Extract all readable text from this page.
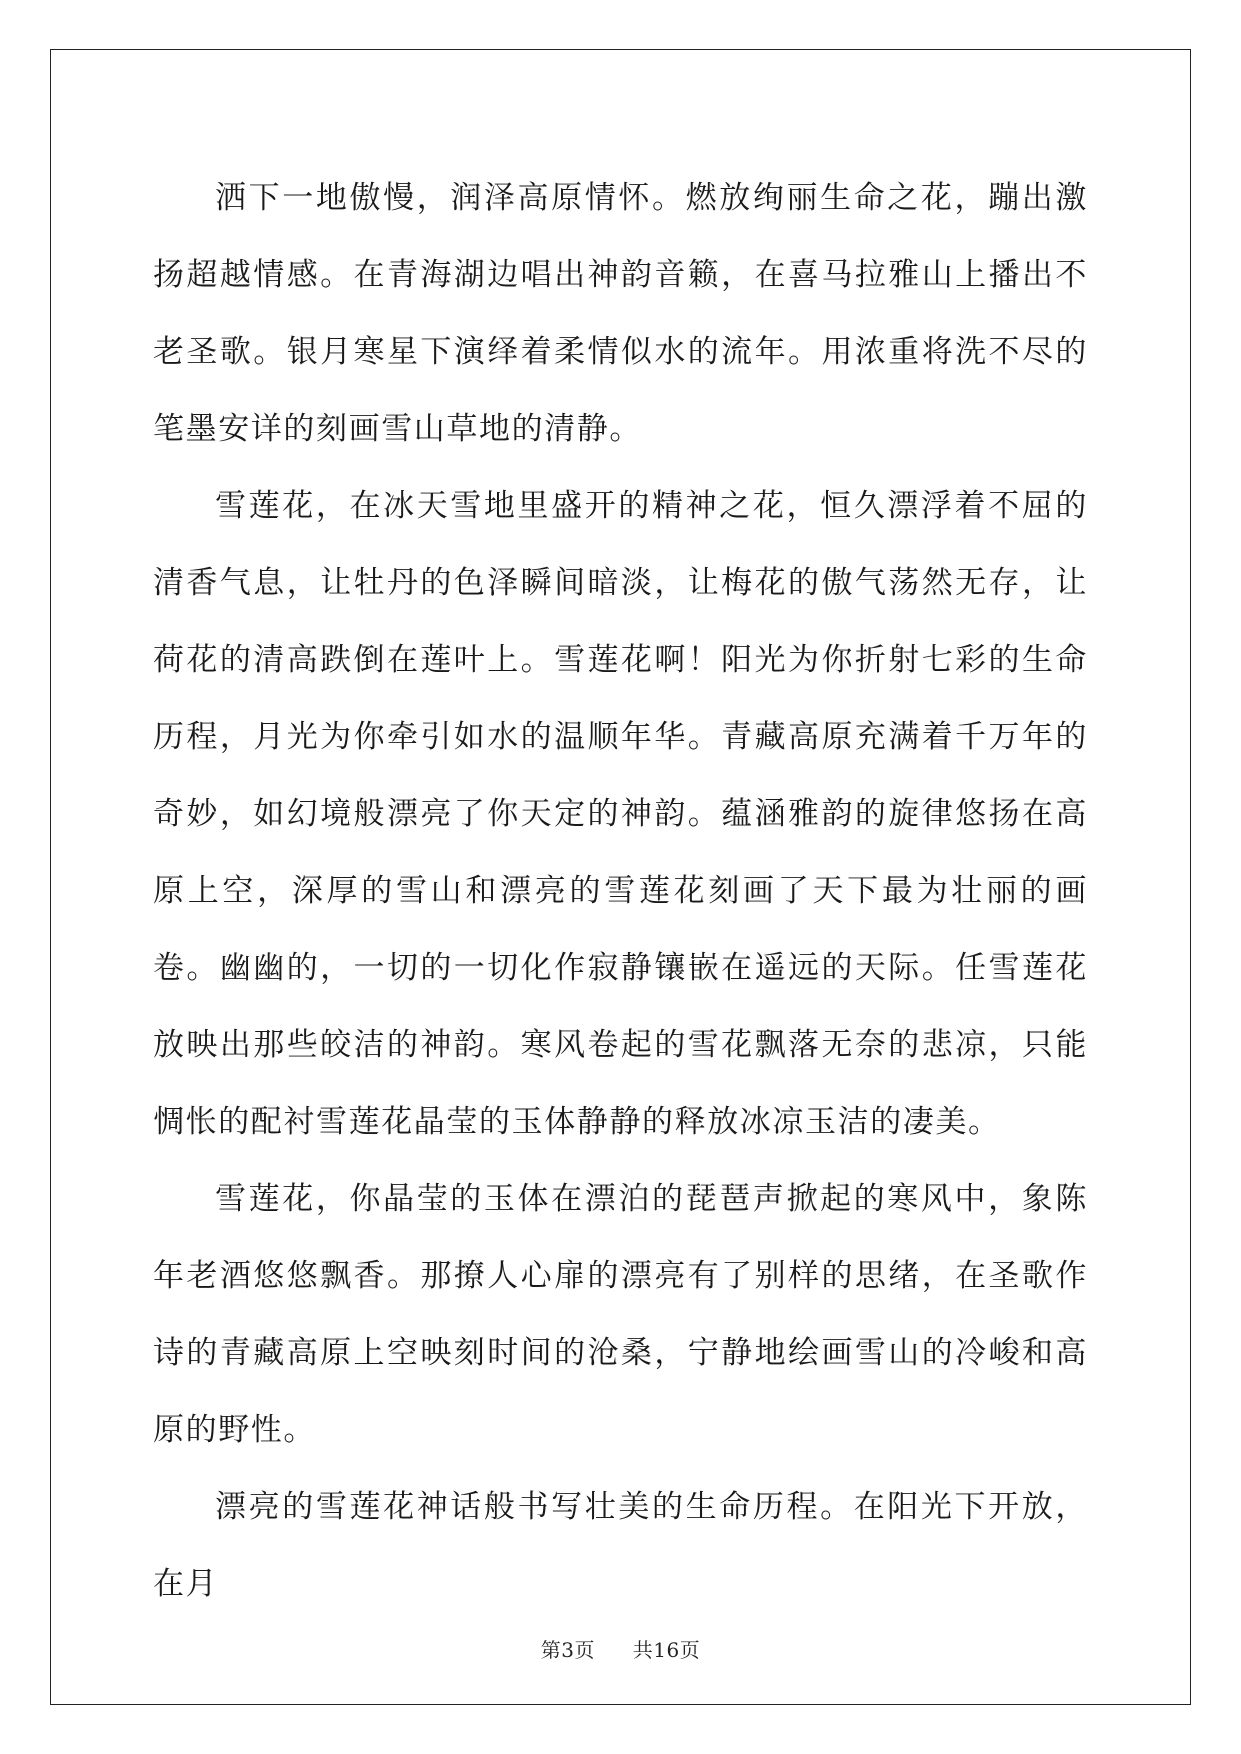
洒下一地傲慢，润泽高原情怀。燃放绚丽生命之花，蹦出激扬超越情感。在青海湖边唱出神韵音籁，在喜马拉雅山上播出不老圣歌。银月寒星下演绎着柔情似水的流年。用浓重将洗不尽的笔墨安详的刻画雪山草地的清静。

雪莲花，在冰天雪地里盛开的精神之花，恒久漂浮着不屈的清香气息，让牡丹的色泽瞬间暗淡，让梅花的傲气荡然无存，让荷花的清高跌倒在莲叶上。雪莲花啊！阳光为你折射七彩的生命历程，月光为你牵引如水的温顺年华。青藏高原充满着千万年的奇妙，如幻境般漂亮了你天定的神韵。蕴涵雅韵的旋律悠扬在高原上空，深厚的雪山和漂亮的雪莲花刻画了天下最为壮丽的画卷。幽幽的，一切的一切化作寂静镶嵌在遥远的天际。任雪莲花放映出那些皎洁的神韵。寒风卷起的雪花飘落无奈的悲凉，只能惆怅的配衬雪莲花晶莹的玉体静静的释放冰凉玉洁的凄美。

雪莲花，你晶莹的玉体在漂泊的琵琶声掀起的寒风中，象陈年老酒悠悠飘香。那撩人心扉的漂亮有了别样的思绪，在圣歌作诗的青藏高原上空映刻时间的沧桑，宁静地绘画雪山的冷峻和高原的野性。

漂亮的雪莲花神话般书写壮美的生命历程。在阳光下开放，在月

第3页 共16页
